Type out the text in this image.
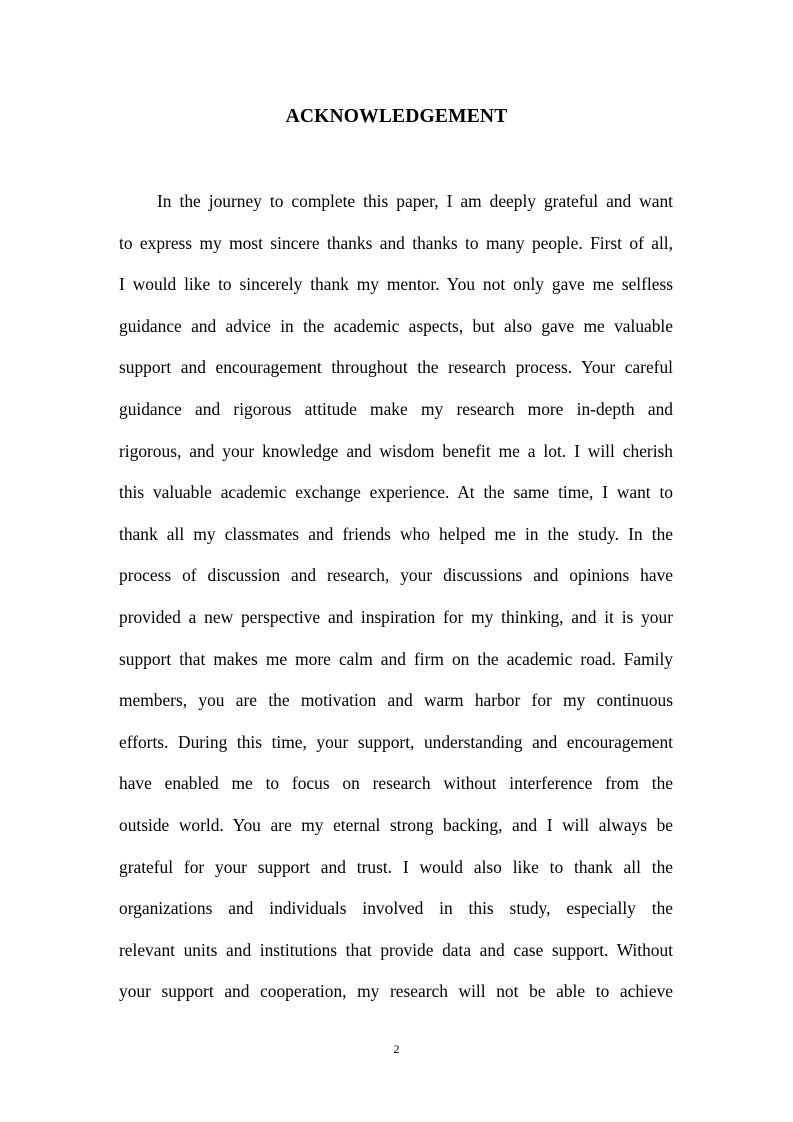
ACKNOWLEDGEMENT
In the journey to complete this paper, I am deeply grateful and want
to express my most sincere thanks and thanks to many people. First of all,
I would like to sincerely thank my mentor. You not only gave me selfless
guidance and advice in the academic aspects, but also gave me valuable
support and encouragement throughout the research process. Your careful
guidance and rigorous attitude make my research more in-depth and
rigorous, and your knowledge and wisdom benefit me a lot. I will cherish
this valuable academic exchange experience. At the same time, I want to
thank all my classmates and friends who helped me in the study. In the
process of discussion and research, your discussions and opinions have
provided a new perspective and inspiration for my thinking, and it is your
support that makes me more calm and firm on the academic road. Family
members, you are the motivation and warm harbor for my continuous
efforts. During this time, your support, understanding and encouragement
have enabled me to focus on research without interference from the
outside world. You are my eternal strong backing, and I will always be
grateful for your support and trust. I would also like to thank all the
organizations and individuals involved in this study, especially the
relevant units and institutions that provide data and case support. Without
your support and cooperation, my research will not be able to achieve
2
